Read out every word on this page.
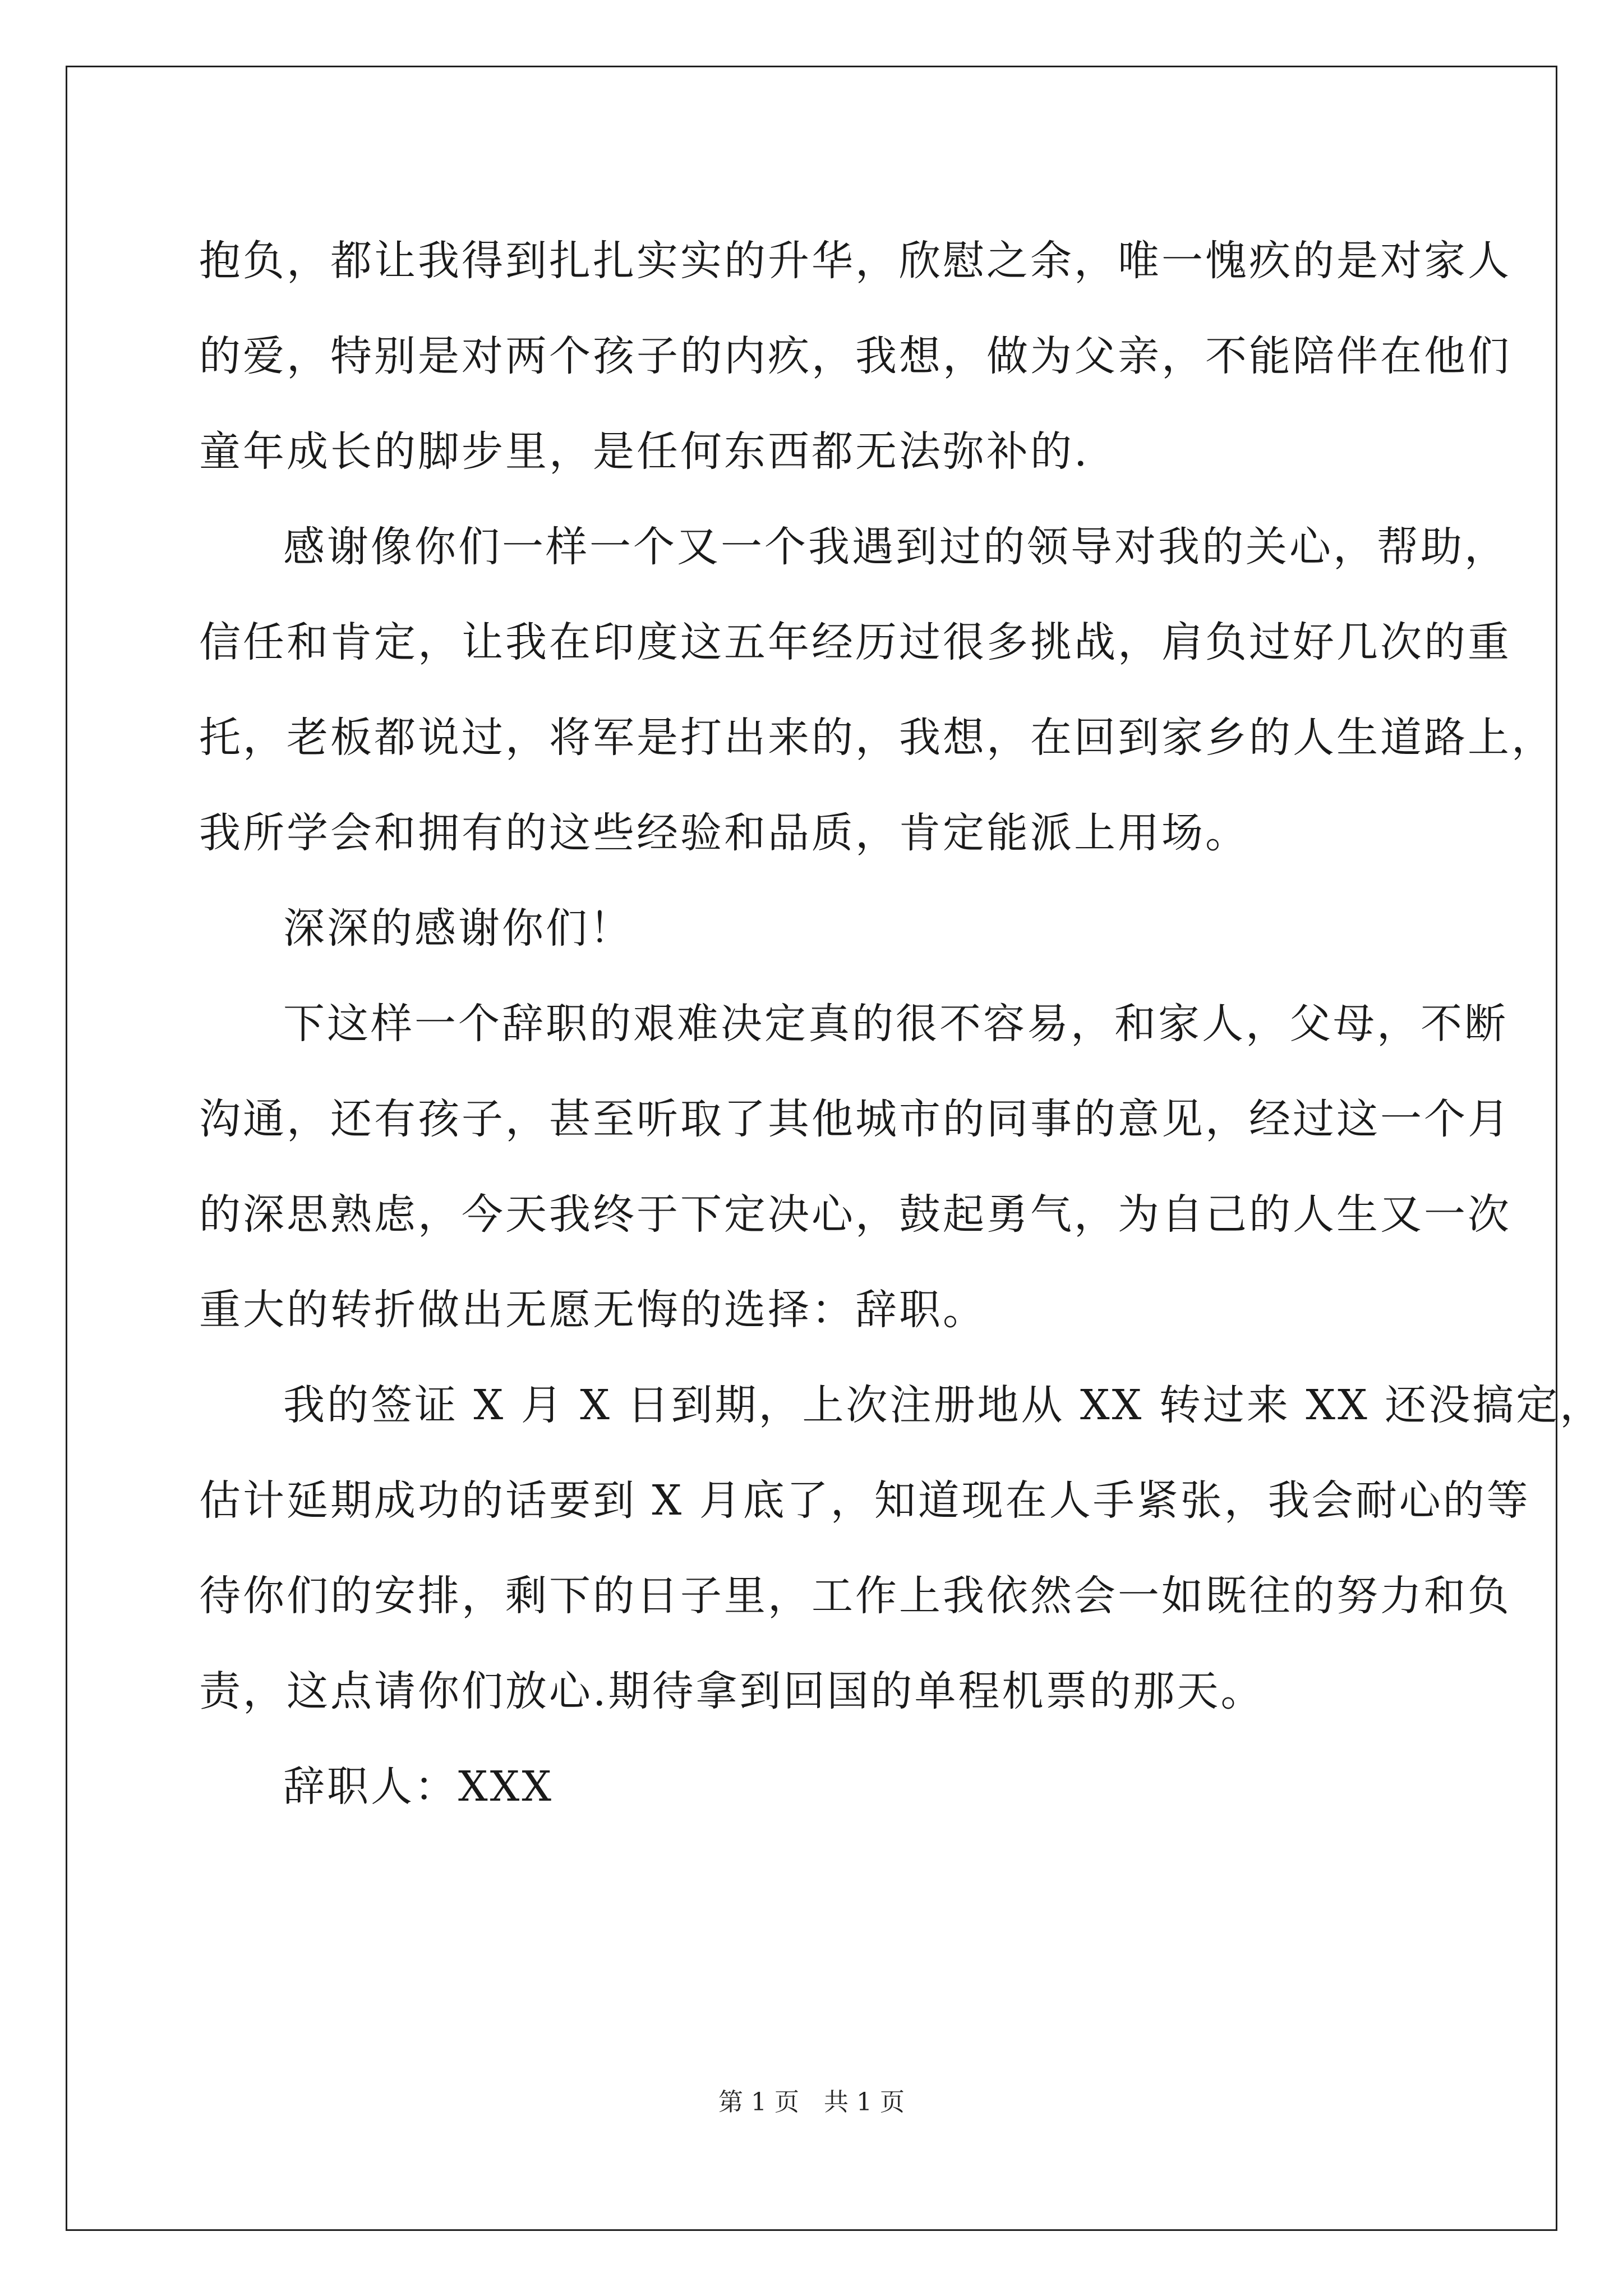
抱负，都让我得到扎扎实实的升华，欣慰之余，唯一愧疚的是对家人
的爱，特别是对两个孩子的内疚，我想，做为父亲，不能陪伴在他们
童年成长的脚步里，是任何东西都无法弥补的.
感谢像你们一样一个又一个我遇到过的领导对我的关心，帮助，
信任和肯定，让我在印度这五年经历过很多挑战，肩负过好几次的重
托，老板都说过，将军是打出来的，我想，在回到家乡的人生道路上，
我所学会和拥有的这些经验和品质，肯定能派上用场。
深深的感谢你们！
下这样一个辞职的艰难决定真的很不容易，和家人，父母，不断
沟通，还有孩子，甚至听取了其他城市的同事的意见，经过这一个月
的深思熟虑，今天我终于下定决心，鼓起勇气，为自己的人生又一次
重大的转折做出无愿无悔的选择：辞职。
我的签证 X 月 X 日到期，上次注册地从 XX 转过来 XX 还没搞定，
估计延期成功的话要到 X 月底了，知道现在人手紧张，我会耐心的等
待你们的安排，剩下的日子里，工作上我依然会一如既往的努力和负
责，这点请你们放心.期待拿到回国的单程机票的那天。
辞职人：XXX
第 1 页 共 1 页
